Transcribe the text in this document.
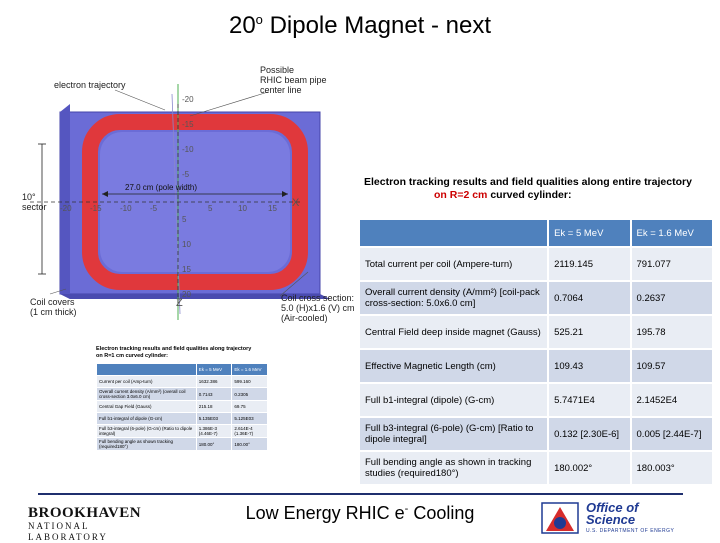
20$^o$ Dipole Magnet - next
-20
-15
-10
-5
5
10
15
20
-20 -15 -10 -5	5	10	15 X
Z
27.0 cm (pole width)
electron trajectory
Possible
RHIC beam pipe
center line
10°
sector
Coil covers
(1 cm thick)
Coil cross section:
5.0 (H)x1.6 (V) cm
(Air-cooled)
Electron tracking results and field qualities along entire trajectory
on R=2 cm curved cylinder:
	Ek = 5 MeV	Ek = 1.6 MeV
Total current per coil (Ampere-turn)	2119.145	791.077
Overall current density (A/mm²) [coil-pack cross-section: 5.0x6.0 cm]	0.7064	0.2637
Central Field deep inside magnet (Gauss)	525.21	195.78
Effective Magnetic Length (cm)	109.43	109.57
Full b1-integral (dipole) (G-cm)	5.7471E4	2.1452E4
Full b3-integral (6-pole) (G-cm) [Ratio to dipole integral]	0.132 [2.30E-6]	0.005 [2.44E-7]
Full bending angle as shown in tracking studies (required180°)	180.002°	180.003°
Electron tracking results and field qualities along trajectory
on R=1 cm curved cylinder:
	Ek = 5 MeV	Ek = 1.6 MeV
Current per coil (Amp-turn)	1632.386	599.160
Overall current density (A/mm²) (overall coil cross-section 3.0x6.0 cm)	0.7143	0.2305
Central Gap Field (Gauss)	215.18	69.75
Full b1-integral of dipole (G-cm)	5.135E03	5.125E03
Full b3-integral (6-pole) (G-cm) (Ratio to dipole integral)	1.386E-3 (4.46E-7)	2.614E-4 (1.36E-7)
Full bending angle as shown tracking (required180°)	180.00°	180.00°
BROOKHAVEN
NATIONAL LABORATORY
Low Energy RHIC e- Cooling	Office of
Science
U.S. DEPARTMENT OF ENERGY
